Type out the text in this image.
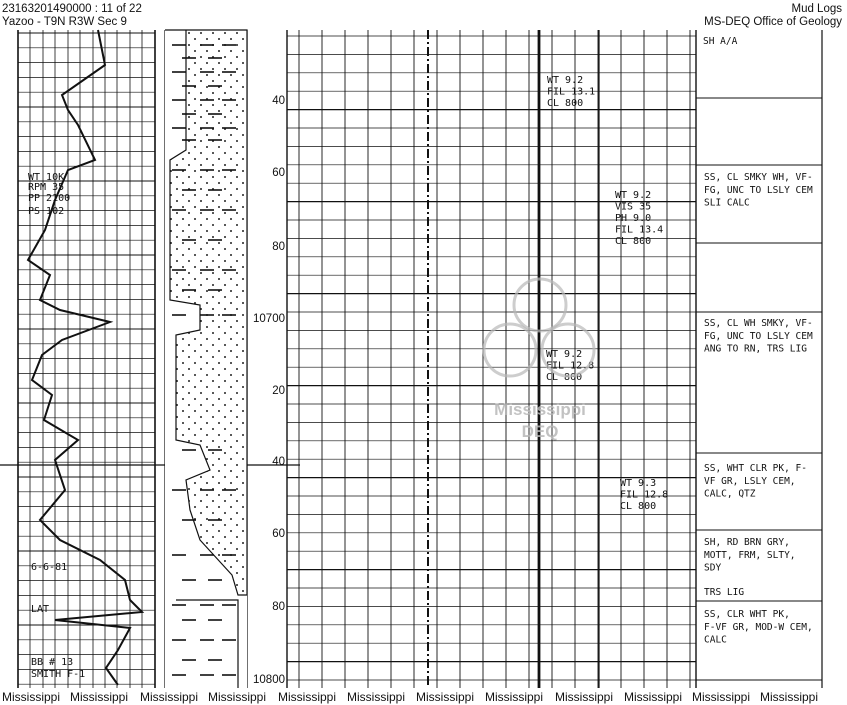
23163201490000 : 11 of 22
Yazoo - T9N R3W Sec 9
Mud Logs
MS-DEQ Office of Geology
40
60
80
10700
20
40
60
80
10800
WT 10K
RPM 35
PP 2100
PS 102
6-6-81
LAT
BB # 13
SMITH F-1
WT 9.2
FIL 13.1
CL 800
WT 9.2
VIS 35
PH 9.0
FIL 13.4
CL 800
WT 9.2
FIL 12.8
CL 800
WT 9.3
FIL 12.8
CL 800
SH A/A
SS, CL SMKY WH, VF-
FG, UNC TO LSLY CEM
SLI CALC
SS, CL WH SMKY, VF-
FG, UNC TO LSLY CEM
ANG TO RN, TRS LIG
SS, WHT CLR PK, F-
VF GR, LSLY CEM,
CALC, QTZ
SH, RD BRN GRY,
MOTT, FRM, SLTY,
SDY
TRS LIG
SS, CLR WHT PK,
F-VF GR, MOD-W CEM,
CALC
Mississippi
DEQ
Mississippi Mississippi Mississippi Mississippi Mississippi Mississippi Mississippi Mississippi Mississippi Mississippi Mississippi Mississippi
